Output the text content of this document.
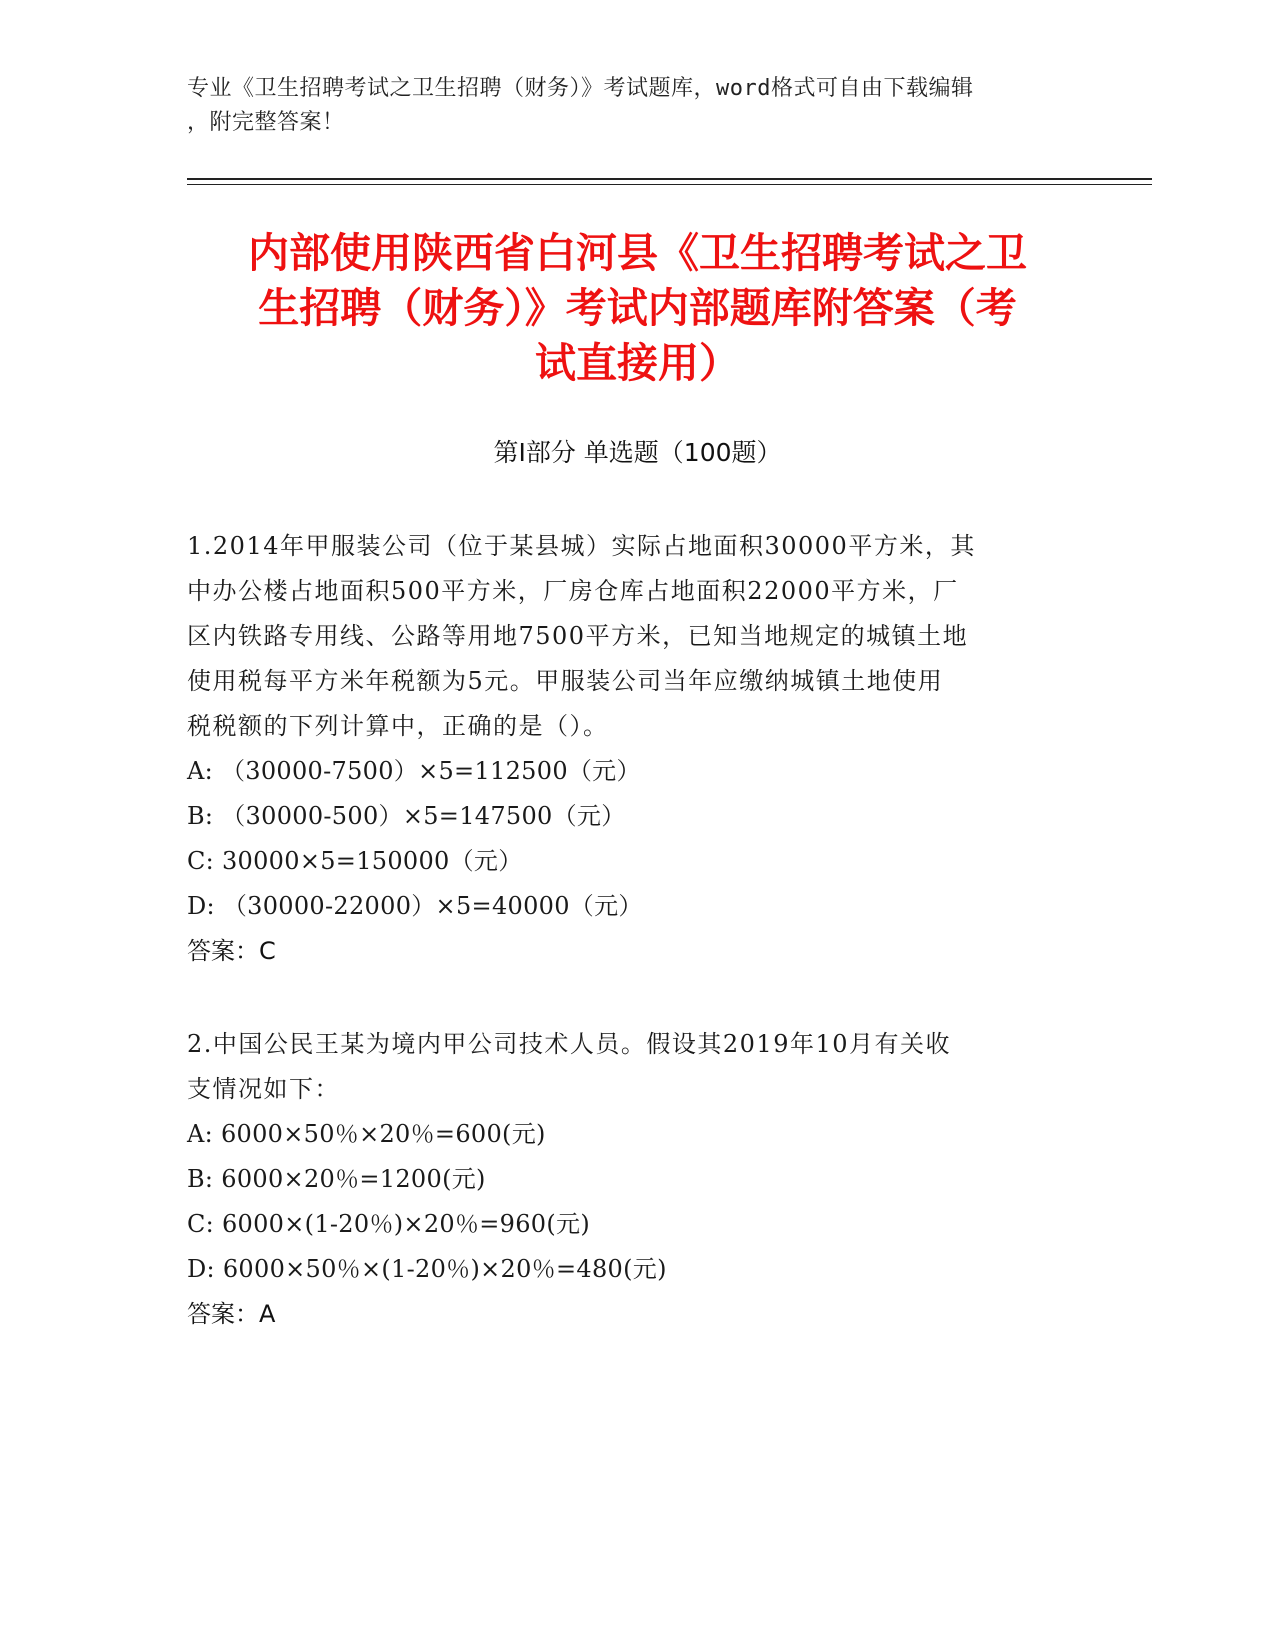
专业《卫生招聘考试之卫生招聘（财务）》考试题库，word格式可自由下载编辑
，附完整答案！
内部使用陕西省白河县《卫生招聘考试之卫
生招聘（财务）》考试内部题库附答案（考
试直接用）
第Ⅰ部分 单选题（100题）
1.2014年甲服装公司（位于某县城）实际占地面积30000平方米，其
中办公楼占地面积500平方米，厂房仓库占地面积22000平方米，厂
区内铁路专用线、公路等用地7500平方米，已知当地规定的城镇土地
使用税每平方米年税额为5元。甲服装公司当年应缴纳城镇土地使用
税税额的下列计算中，正确的是（）。
A: （30000-7500）×5=112500（元）
B: （30000-500）×5=147500（元）
C: 30000×5=150000（元）
D: （30000-22000）×5=40000（元）
答案：C
2.中国公民王某为境内甲公司技术人员。假设其2019年10月有关收
支情况如下：
A: 6000×50％×20％=600(元)
B: 6000×20％=1200(元)
C: 6000×(1-20％)×20％=960(元)
D: 6000×50％×(1-20％)×20％=480(元)
答案：A
